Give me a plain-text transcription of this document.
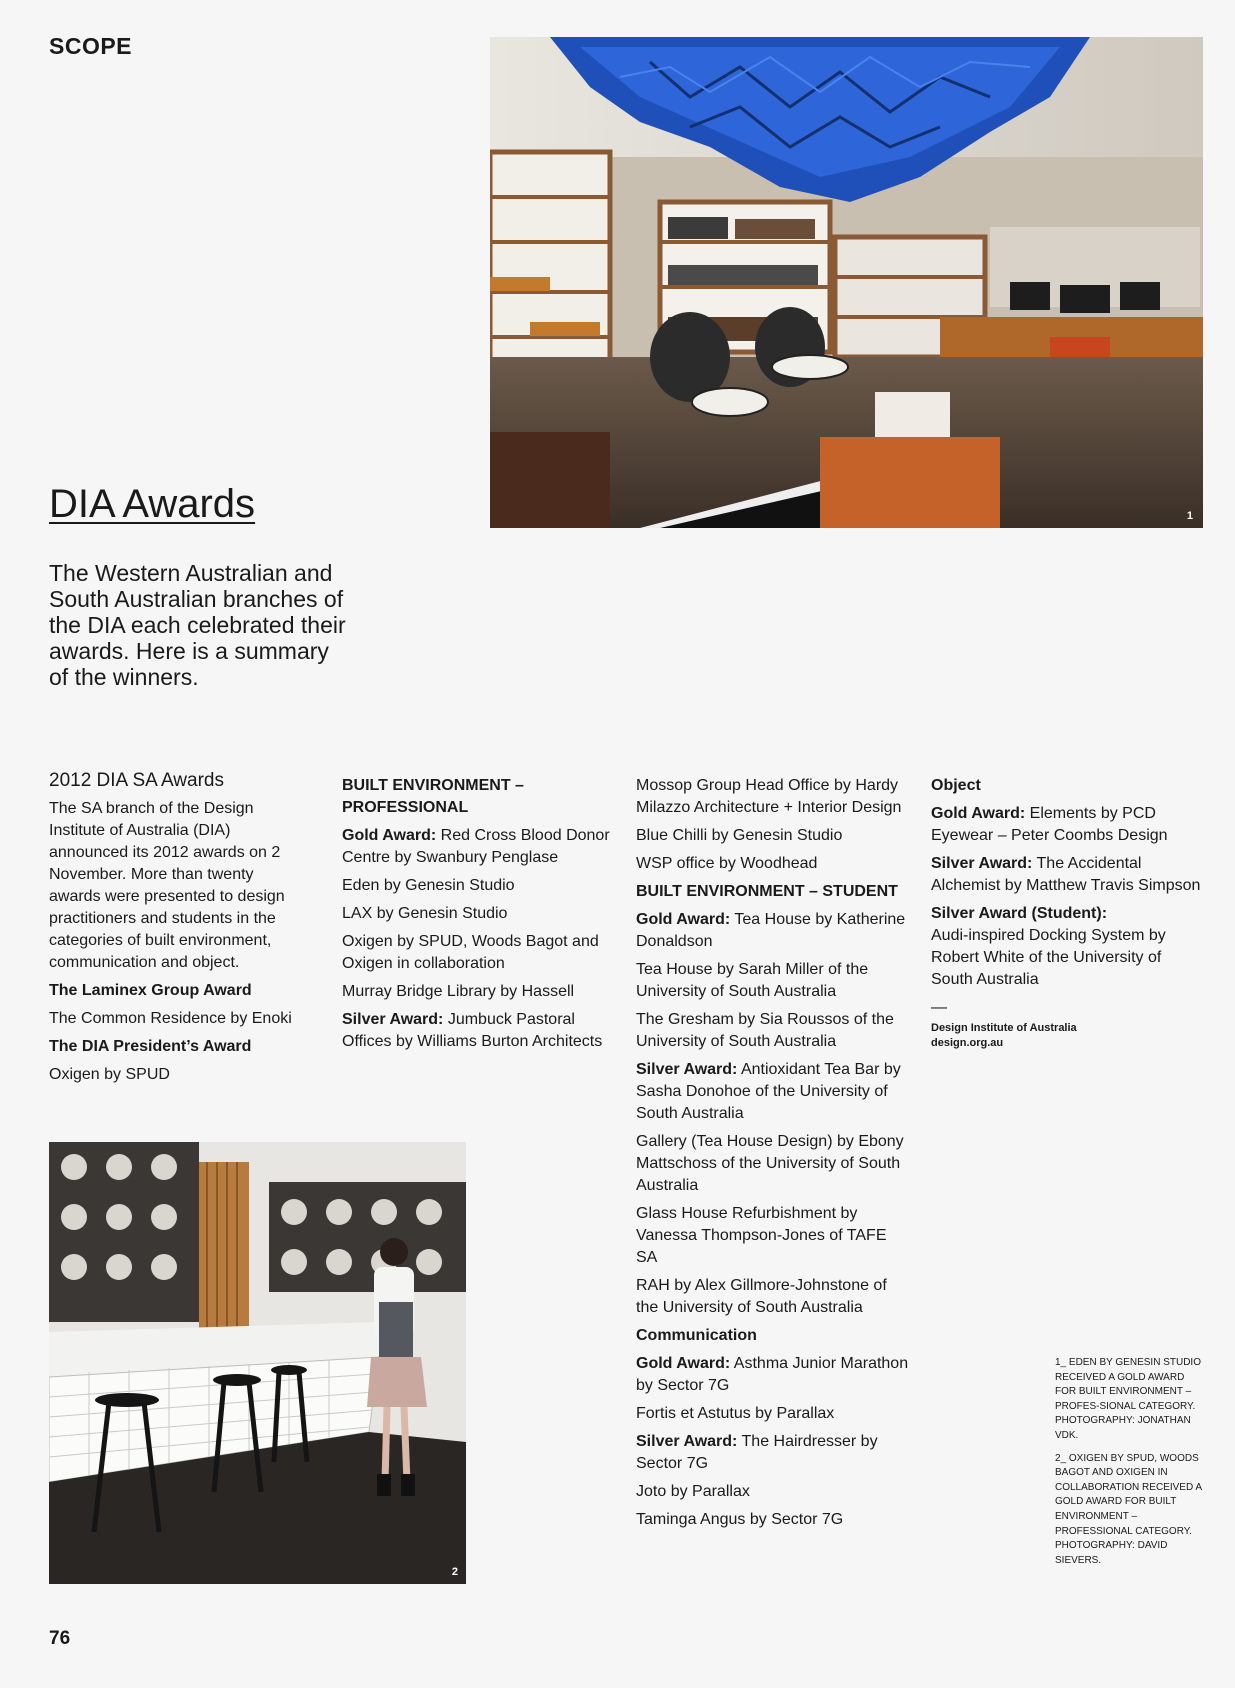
SCOPE
1
DIA Awards
The Western Australian and South Australian branches of the DIA each celebrated their awards. Here is a summary of the winners.

2012 DIA SA Awards

The SA branch of the Design Institute of Australia (DIA) announced its 2012 awards on 2 November. More than twenty awards were presented to design practitioners and students in the categories of built environment, communication and object.

The Laminex Group Award

The Common Residence by Enoki

The DIA President’s Award

Oxigen by SPUD

BUILT ENVIRONMENT – PROFESSIONAL

Gold Award: Red Cross Blood Donor Centre by Swanbury Penglase

Eden by Genesin Studio

LAX by Genesin Studio

Oxigen by SPUD, Woods Bagot and Oxigen in collaboration

Murray Bridge Library by Hassell

Silver Award: Jumbuck Pastoral Offices by Williams Burton Architects

Mossop Group Head Office by Hardy Milazzo Architecture + Interior Design

Blue Chilli by Genesin Studio

WSP office by Woodhead

BUILT ENVIRONMENT – STUDENT

Gold Award: Tea House by Katherine Donaldson

Tea House by Sarah Miller of the University of South Australia

The Gresham by Sia Roussos of the University of South Australia

Silver Award: Antioxidant Tea Bar by Sasha Donohoe of the University of South Australia

Gallery (Tea House Design) by Ebony Mattschoss of the University of South Australia

Glass House Refurbishment by Vanessa Thompson-Jones of TAFE SA

RAH by Alex Gillmore-Johnstone of the University of South Australia

Communication

Gold Award: Asthma Junior Marathon by Sector 7G

Fortis et Astutus by Parallax

Silver Award: The Hairdresser by Sector 7G

Joto by Parallax

Taminga Angus by Sector 7G

Object

Gold Award: Elements by PCD Eyewear – Peter Coombs Design

Silver Award: The Accidental Alchemist by Matthew Travis Simpson

Silver Award (Student):

Audi-inspired Docking System by Robert White of the University of South Australia

—

Design Institute of Australia

design.org.au

2

1_ EDEN BY GENESIN STUDIO RECEIVED A GOLD AWARD FOR BUILT ENVIRONMENT – PROFES-SIONAL CATEGORY. PHOTOGRAPHY: JONATHAN VDK.

2_ OXIGEN BY SPUD, WOODS BAGOT AND OXIGEN IN COLLABORATION RECEIVED A GOLD AWARD FOR BUILT ENVIRONMENT – PROFESSIONAL CATEGORY. PHOTOGRAPHY: DAVID SIEVERS.

76
